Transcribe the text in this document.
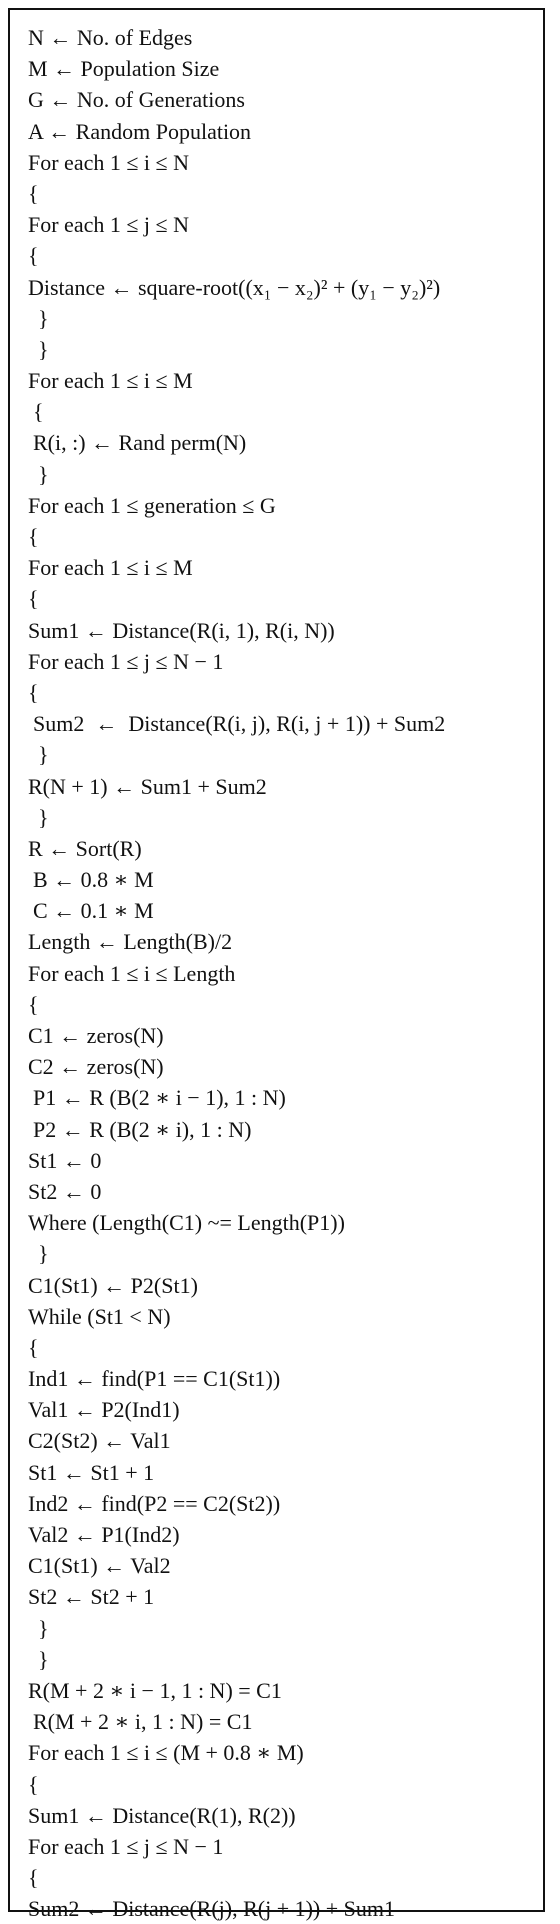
N ← No. of Edges
M ← Population Size
G ← No. of Generations
A ← Random Population
For each 1 ≤ i ≤ N
{
For each 1 ≤ j ≤ N
{
Distance ← square-root((x₁ − x₂)² + (y₁ − y₂)²)
}
}
For each 1 ≤ i ≤ M
{
R(i, :) ← Rand perm(N)
}
For each 1 ≤ generation ≤ G
{
For each 1 ≤ i ≤ M
{
Sum1 ← Distance(R(i, 1), R(i, N))
For each 1 ≤ j ≤ N − 1
{
Sum2  ←  Distance(R(i, j), R(i, j + 1)) + Sum2
}
R(N + 1) ← Sum1 + Sum2
}
R ← Sort(R)
B ← 0.8 ∗ M
C ← 0.1 ∗ M
Length ← Length(B)/2
For each 1 ≤ i ≤ Length
{
C1 ← zeros(N)
C2 ← zeros(N)
P1 ← R (B(2 ∗ i − 1), 1 : N)
P2 ← R (B(2 ∗ i), 1 : N)
St1 ← 0
St2 ← 0
Where (Length(C1) ~= Length(P1))
}
C1(St1) ← P2(St1)
While (St1 < N)
{
Ind1 ← find(P1 == C1(St1))
Val1 ← P2(Ind1)
C2(St2) ← Val1
St1 ← St1 + 1
Ind2 ← find(P2 == C2(St2))
Val2 ← P1(Ind2)
C1(St1) ← Val2
St2 ← St2 + 1
}
}
R(M + 2 ∗ i − 1, 1 : N) = C1
R(M + 2 ∗ i, 1 : N) = C1
For each 1 ≤ i ≤ (M + 0.8 ∗ M)
{
Sum1 ← Distance(R(1), R(2))
For each 1 ≤ j ≤ N − 1
{
Sum2 ← Distance(R(j), R(j + 1)) + Sum1
